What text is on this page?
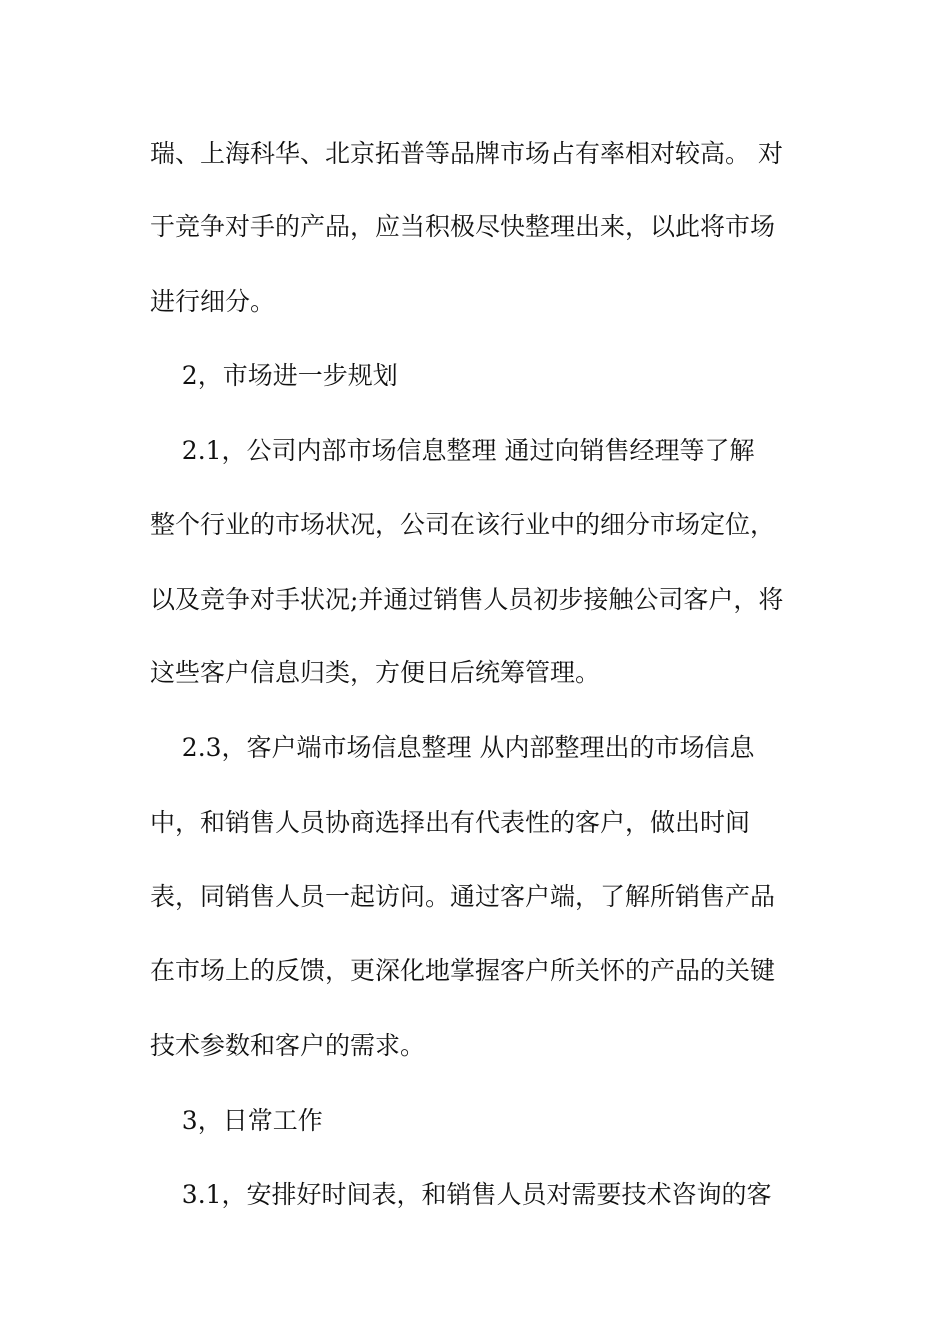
瑞、上海科华、北京拓普等品牌市场占有率相对较高。 对
于竞争对手的产品，应当积极尽快整理出来，以此将市场
进行细分。
2，市场进一步规划
2.1，公司内部市场信息整理 通过向销售经理等了解
整个行业的市场状况，公司在该行业中的细分市场定位，
以及竞争对手状况;并通过销售人员初步接触公司客户，将
这些客户信息归类，方便日后统筹管理。
2.3，客户端市场信息整理 从内部整理出的市场信息
中，和销售人员协商选择出有代表性的客户，做出时间
表，同销售人员一起访问。通过客户端，了解所销售产品
在市场上的反馈，更深化地掌握客户所关怀的产品的关键
技术参数和客户的需求。
3，日常工作
3.1，安排好时间表，和销售人员对需要技术咨询的客
